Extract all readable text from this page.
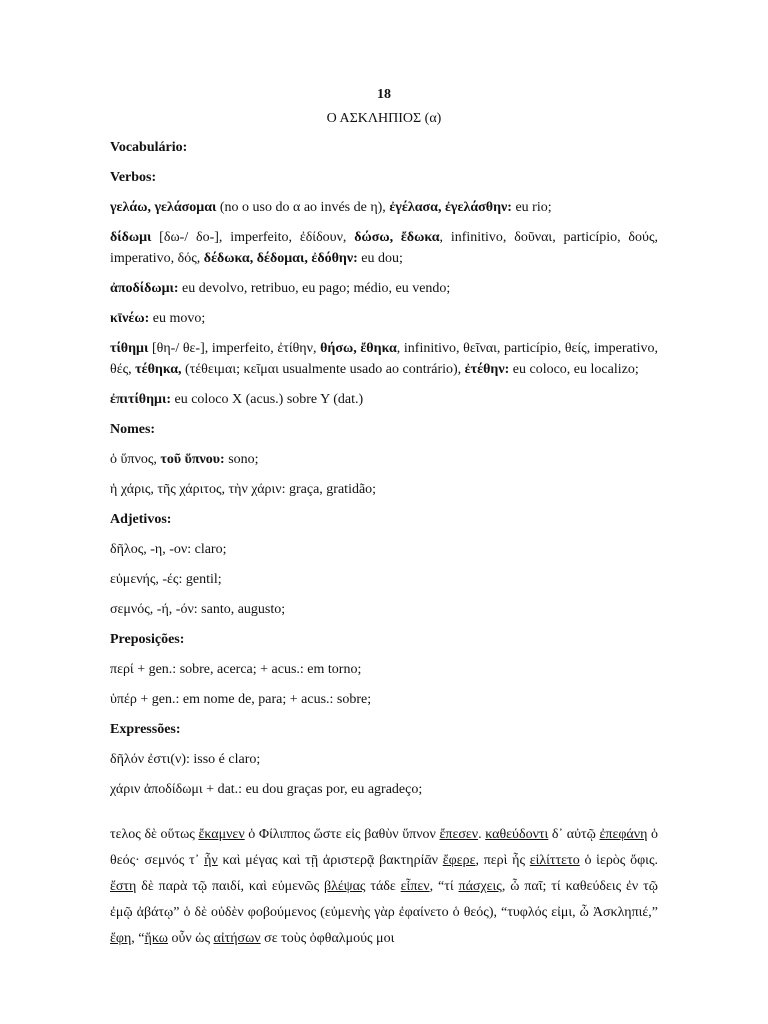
18
Ο ΑΣΚΛΗΠΙΟΣ (α)
Vocabulário:
Verbos:
γελάω, γελάσομαι (no o uso do α ao invés de η), ἐγέλασα, ἐγελάσθην: eu rio;
δίδωμι [δω-/ δο-], imperfeito, ἐδίδουν, δώσω, ἔδωκα, infinitivo, δοῦναι, particípio, δούς, imperativo, δός, δέδωκα, δέδομαι, ἐδόθην: eu dou;
ἀποδίδωμι: eu devolvo, retribuo, eu pago; médio, eu vendo;
κῑνέω: eu movo;
τίθημι [θη-/ θε-], imperfeito, ἐτίθην, θήσω, ἔθηκα, infinitivo, θεῖναι, particípio, θείς, imperativo, θές, τέθηκα, (τέθειμαι; κεῖμαι usualmente usado ao contrário), ἐτέθην: eu coloco, eu localizo;
ἐπιτίθημι: eu coloco X (acus.) sobre Y (dat.)
Nomes:
ὁ ὕπνος, τοῦ ὕπνου: sono;
ἡ χάρις, τῆς χάριτος, τὴν χάριν: graça, gratidão;
Adjetivos:
δῆλος, -η, -ον: claro;
εὐμενής, -ές: gentil;
σεμνός, -ή, -όν: santo, augusto;
Preposições:
περί + gen.: sobre, acerca; + acus.: em torno;
ὑπέρ + gen.: em nome de, para; + acus.: sobre;
Expressões:
δῆλόν ἐστι(ν): isso é claro;
χάριν ἀποδίδωμι + dat.: eu dou graças por, eu agradeço;
τελος δὲ οὕτως ἔκαμνεν ὁ Φίλιππος ὥστε εἰς βαθὺν ὕπνον ἔπεσεν. καθεύδοντι δ᾽ αὐτῷ ἐπεφάνη ὁ θεός· σεμνός τ᾽ ἦν καὶ μέγας καὶ τῇ ἀριστερᾷ βακτηρίᾱν ἔφερε, περὶ ἧς εἱλίττετο ὁ ἱερὸς ὄφις. ἔστη δὲ παρὰ τῷ παιδί, καὶ εὐμενῶς βλέψας τάδε εἶπεν, “τί πάσχεις, ὦ παῖ; τί καθεύδεις ἐν τῷ ἐμῷ ἀβάτῳ” ὁ δὲ οὐδὲν φοβούμενος (εὐμενὴς γὰρ ἐφαίνετο ὁ θεός), “τυφλός εἰμι, ὦ Ἀσκληπιέ,” ἔφη, “ἥκω οὖν ὡς αἰτήσων σε τοὺς ὀφθαλμούς μοι
